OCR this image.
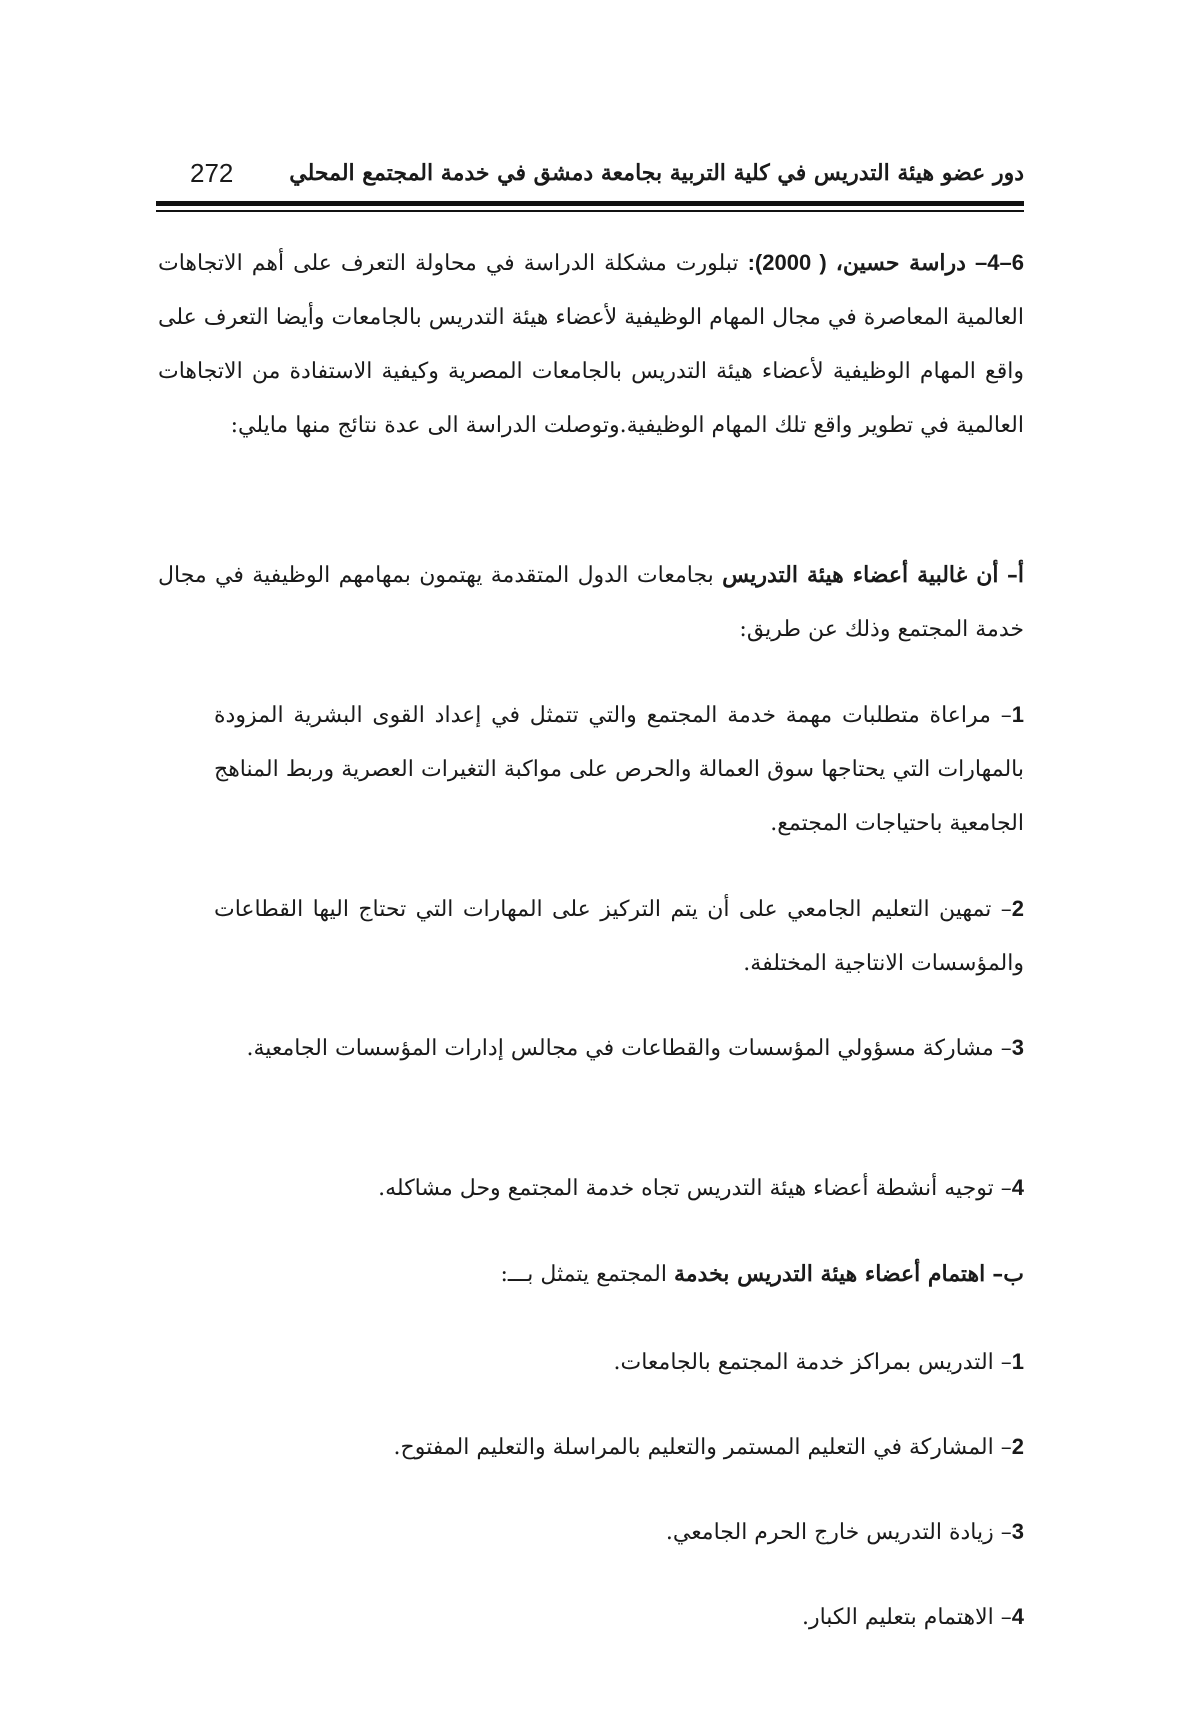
دور عضو هيئة التدريس في كلية التربية بجامعة دمشق في خدمة المجتمع المحلي
272

6–4– دراسة حسين، ( 2000): تبلورت مشكلة الدراسة في محاولة التعرف على أهم الاتجاهات العالمية المعاصرة في مجال المهام الوظيفية لأعضاء هيئة التدريس بالجامعات وأيضا التعرف على واقع المهام الوظيفية لأعضاء هيئة التدريس بالجامعات المصرية وكيفية الاستفادة من الاتجاهات العالمية في تطوير واقع تلك المهام الوظيفية.وتوصلت الدراسة الى عدة نتائج منها مايلي:

أ– أن غالبية أعضاء هيئة التدريس بجامعات الدول المتقدمة يهتمون بمهامهم الوظيفية في مجال خدمة المجتمع وذلك عن طريق:

1– مراعاة متطلبات مهمة خدمة المجتمع والتي تتمثل في إعداد القوى البشرية المزودة بالمهارات التي يحتاجها سوق العمالة والحرص على مواكبة التغيرات العصرية وربط المناهج الجامعية باحتياجات المجتمع.

2– تمهين التعليم الجامعي على أن يتم التركيز على المهارات التي تحتاج اليها القطاعات والمؤسسات الانتاجية المختلفة.

3– مشاركة مسؤولي المؤسسات والقطاعات في مجالس إدارات المؤسسات الجامعية.

4– توجيه أنشطة أعضاء هيئة التدريس تجاه خدمة المجتمع وحل مشاكله.

ب– اهتمام أعضاء هيئة التدريس بخدمة المجتمع يتمثل بـــ:

1– التدريس بمراكز خدمة المجتمع بالجامعات.

2– المشاركة في التعليم المستمر والتعليم بالمراسلة والتعليم المفتوح.

3– زيادة التدريس خارج الحرم الجامعي.

4– الاهتمام بتعليم الكبار.
